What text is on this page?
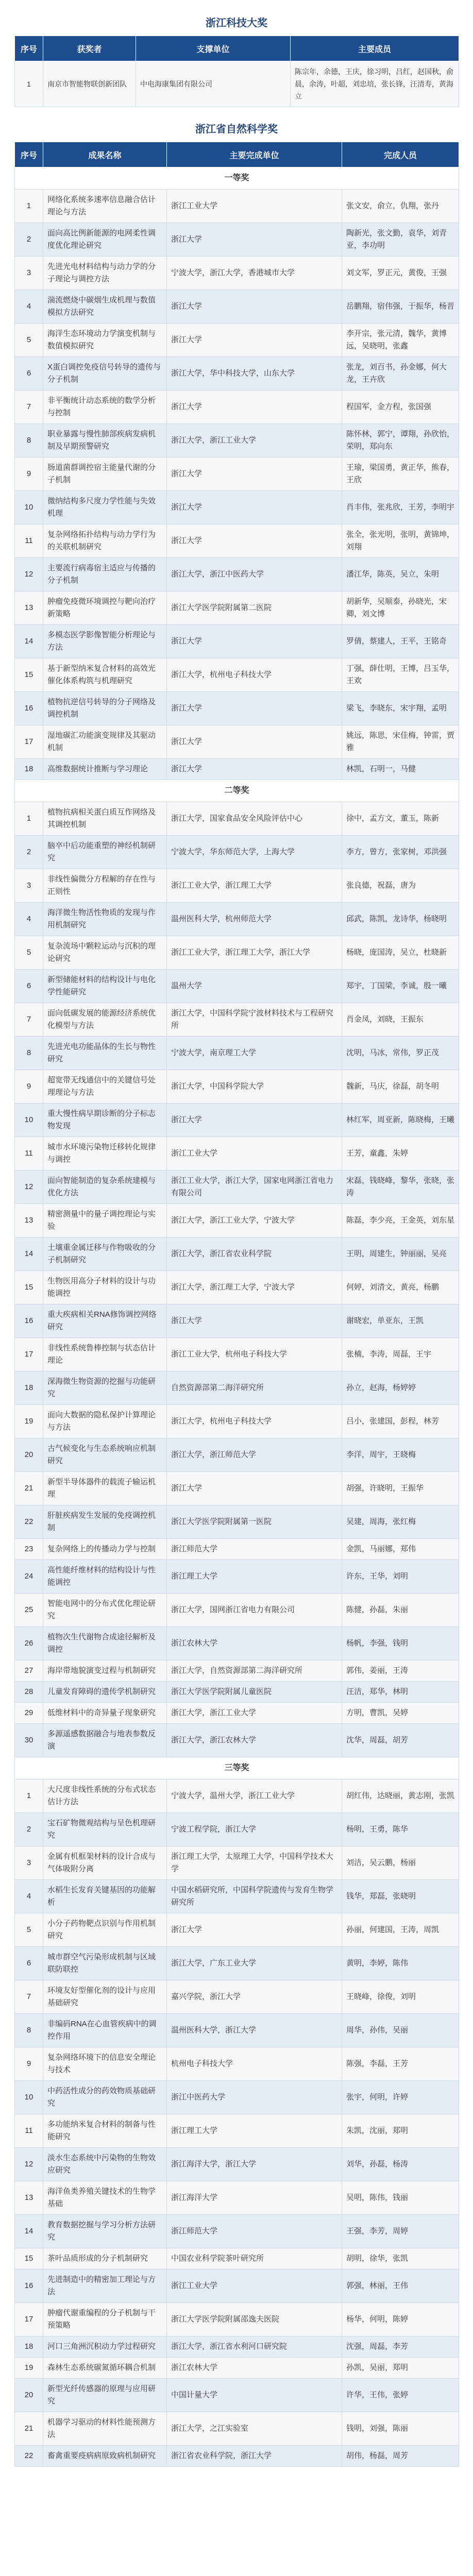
浙江科技大奖
序号	获奖者	支撑单位	主要成员
1	南京市智能物联创新团队	中电海康集团有限公司	陈宗年，余德，王庆，徐习明，吕红，赵国秋，俞晨，余涛，叶超，刘忠培，张长锋，汪清寿，黄海立
浙江省自然科学奖
序号	成果名称	主要完成单位	完成人员
一等奖			
1	网络化系统多速率信息融合估计理论与方法	浙江工业大学	张文安，俞立，仇翔，张丹
2	面向高比例新能源的电网柔性调度优化理论研究	浙江大学	陶新光，张文勤，袁华，刘青亚，李功明
3	先进光电材料结构与动力学的分子理论与调控方法	宁波大学，浙江大学，香港城市大学	刘文军，罗正元，黄俊，王强
4	湍流燃烧中碳烟生成机理与数值模拟方法研究	浙江大学	岳鹏翔，宿伟强，于振华，杨晋
5	海洋生态环境动力学演变机制与数值模拟研究	浙江大学	李开宗，张元清，魏华，黄博远，吴晓明，张鑫
6	X蛋白调控免疫信号转导的遗传与分子机制	浙江大学，华中科技大学，山东大学	张龙，刘百书，孙金娜，何大龙，王卉欣
7	非平衡统计动态系统的数学分析与控制	浙江大学	程国军，金方程，张国强
8	职业暴露与慢性肺部疾病发病机制及早期预警研究	浙江大学，浙江工业大学	陈怀林，郭宁，谭翔，孙欣怡，荣明，郑向东
9	肠道菌群调控宿主能量代谢的分子机制	浙江大学	王瑜，梁国勇，黄正华，熊春，王欣
10	微纳结构多尺度力学性能与失效机理	浙江大学	肖丰伟，张兆欣，王芳，李明宇
11	复杂网络拓扑结构与动力学行为的关联机制研究	浙江大学	张全，张光明，张明，黄锦坤，刘翔
12	主要流行病毒宿主适应与传播的分子机制	浙江大学，浙江中医药大学	潘江华，陈英，吴立，朱明
13	肿瘤免疫微环境调控与靶向治疗新策略	浙江大学医学院附属第二医院	胡新华，吴顺泰，孙晓光，宋卿，刘文博
14	多模态医学影像智能分析理论与方法	浙江大学	罗倩，蔡建人，王平，王铭奇
15	基于新型纳米复合材料的高效光催化体系构筑与机理研究	浙江大学，杭州电子科技大学	丁强，薛仕明，王博，吕玉华，王欢
16	植物抗逆信号转导的分子网络及调控机制	浙江大学	梁飞，李晓东，宋宇翔，孟明
17	湿地碳汇功能演变规律及其驱动机制	浙江大学	姚远，陈思，宋佳梅，钟雷，贾雅
18	高维数据统计推断与学习理论	浙江大学	林凯，石明一，马健
二等奖			
1	植物抗病相关蛋白质互作网络及其调控机制	浙江大学，国家食品安全风险评估中心	徐中，孟方文，董玉，陈新
2	脑卒中后功能重塑的神经机制研究	宁波大学，华东师范大学，上海大学	李方，曾方，张家树，邓洪强
3	非线性偏微分方程解的存在性与正则性	浙江工业大学，浙江理工大学	张良德，祝磊，唐为
4	海洋微生物活性物质的发现与作用机制研究	温州医科大学，杭州师范大学	邱武，陈凯，龙诗华，杨晓明
5	复杂流场中颗粒运动与沉积的理论研究	浙江工业大学，浙江理工大学，浙江大学	杨晓，庞国涛，吴立，杜晓新
6	新型储能材料的结构设计与电化学性能研究	温州大学	郑宇，丁国梁，李诚，殷一曦
7	面向低碳发展的能源经济系统优化模型与方法	浙江大学，中国科学院宁波材料技术与工程研究所	肖金凤，刘晓，王振东
8	先进光电功能晶体的生长与物性研究	宁波大学，南京理工大学	沈明，马冰，常伟，罗正茂
9	超宽带无线通信中的关键信号处理理论与方法	浙江大学，中国科学院大学	魏新，马庆，徐磊，胡冬明
10	重大慢性病早期诊断的分子标志物发现	浙江大学	林红军，周亚新，陈晓梅，王曦
11	城市水环境污染物迁移转化规律与调控	浙江工业大学	王芳，童鑫，朱婷
12	面向智能制造的复杂系统建模与优化方法	浙江工业大学，浙江大学，国家电网浙江省电力有限公司	宋磊，钱晓峰，黎华，张晓，张涛
13	精密测量中的量子调控理论与实验	浙江大学，浙江工业大学，宁波大学	陈磊，李少亮，王金英，刘东星
14	土壤重金属迁移与作物吸收的分子机制研究	浙江大学，浙江省农业科学院	王明，周建生，钟丽丽，吴亮
15	生物医用高分子材料的设计与功能调控	浙江大学，浙江理工大学，宁波大学	何婷，刘清文，黄亮，杨鹏
16	重大疾病相关RNA修饰调控网络研究	浙江大学	谢晓宏，单亚东，王凯
17	非线性系统鲁棒控制与状态估计理论	浙江工业大学，杭州电子科技大学	张楠，李涛，周磊，王宇
18	深海微生物资源的挖掘与功能研究	自然资源部第二海洋研究所	孙立，赵海，杨婷婷
19	面向大数据的隐私保护计算理论与方法	浙江大学，杭州电子科技大学	吕小，张建国，彭程，林芳
20	古气候变化与生态系统响应机制研究	浙江大学，浙江师范大学	李洋，周宇，王晓梅
21	新型半导体器件的载流子输运机理	浙江大学	胡强，许晓明，王振华
22	肝脏疾病发生发展的免疫调控机制	浙江大学医学院附属第一医院	吴建，周海，张红梅
23	复杂网络上的传播动力学与控制	浙江师范大学	金凯，马丽娜，郑伟
24	高性能纤维材料的结构设计与性能调控	浙江理工大学	许东，王华，刘明
25	智能电网中的分布式优化理论研究	浙江大学，国网浙江省电力有限公司	陈健，孙磊，朱丽
26	植物次生代谢物合成途径解析及调控	浙江农林大学	杨帆，李强，钱明
27	海岸带地貌演变过程与机制研究	浙江大学，自然资源部第二海洋研究所	郭伟，姜丽，王涛
28	儿童发育障碍的遗传学机制研究	浙江大学医学院附属儿童医院	汪洁，郑华，林明
29	低维材料中的奇异量子现象研究	浙江大学，浙江工业大学	方明，曹凯，吴婷
30	多源遥感数据融合与地表参数反演	浙江大学，浙江农林大学	沈华，周磊，胡芳
三等奖			
1	大尺度非线性系统的分布式状态估计方法	宁波大学，温州大学，浙江工业大学	胡红伟，达晓丽，黄志刚，张凯
2	宝石矿物微观结构与呈色机理研究	宁波工程学院，浙江大学	杨明，王勇，陈华
3	金属有机框架材料的设计合成与气体吸附分离	浙江理工大学，太原理工大学，中国科学技术大学	刘洁，吴云鹏，杨丽
4	水稻生长发育关键基因的功能解析	中国水稻研究所，中国科学院遗传与发育生物学研究所	钱华，郑磊，张晓明
5	小分子药物靶点识别与作用机制研究	浙江大学	孙丽，何建国，王涛，周凯
6	城市群空气污染形成机制与区域联防联控	浙江大学，广东工业大学	黄明，李婷，陈伟
7	环境友好型催化剂的设计与应用基础研究	嘉兴学院，浙江大学	王晓峰，徐俊，刘明
8	非编码RNA在心血管疾病中的调控作用	温州医科大学，浙江大学	周华，孙伟，吴丽
9	复杂网络环境下的信息安全理论与技术	杭州电子科技大学	陈强，李磊，王芳
10	中药活性成分的药效物质基础研究	浙江中医药大学	张宇，何明，许婷
11	多功能纳米复合材料的制备与性能研究	浙江理工大学	朱凯，沈丽，郑明
12	淡水生态系统中污染物的生物效应研究	浙江海洋大学，浙江大学	刘华，孙磊，杨涛
13	海洋鱼类养殖关键技术的生物学基础	浙江海洋大学	吴明，陈伟，钱丽
14	教育数据挖掘与学习分析方法研究	浙江师范大学	王强，李芳，周婷
15	茶叶品质形成的分子机制研究	中国农业科学院茶叶研究所	胡明，徐华，张凯
16	先进制造中的精密加工理论与方法	浙江工业大学	郭强，林丽，王伟
17	肿瘤代谢重编程的分子机制与干预策略	浙江大学医学院附属邵逸夫医院	杨华，何明，陈婷
18	河口三角洲沉积动力学过程研究	浙江大学，浙江省水利河口研究院	沈强，周磊，李芳
19	森林生态系统碳氮循环耦合机制	浙江农林大学	孙凯，吴丽，郑明
20	新型光纤传感器的原理与应用研究	中国计量大学	许华，王伟，张婷
21	机器学习驱动的材料性能预测方法	浙江大学，之江实验室	钱明，刘强，陈丽
22	畜禽重要疫病病原致病机制研究	浙江省农业科学院，浙江大学	胡伟，杨磊，周芳
